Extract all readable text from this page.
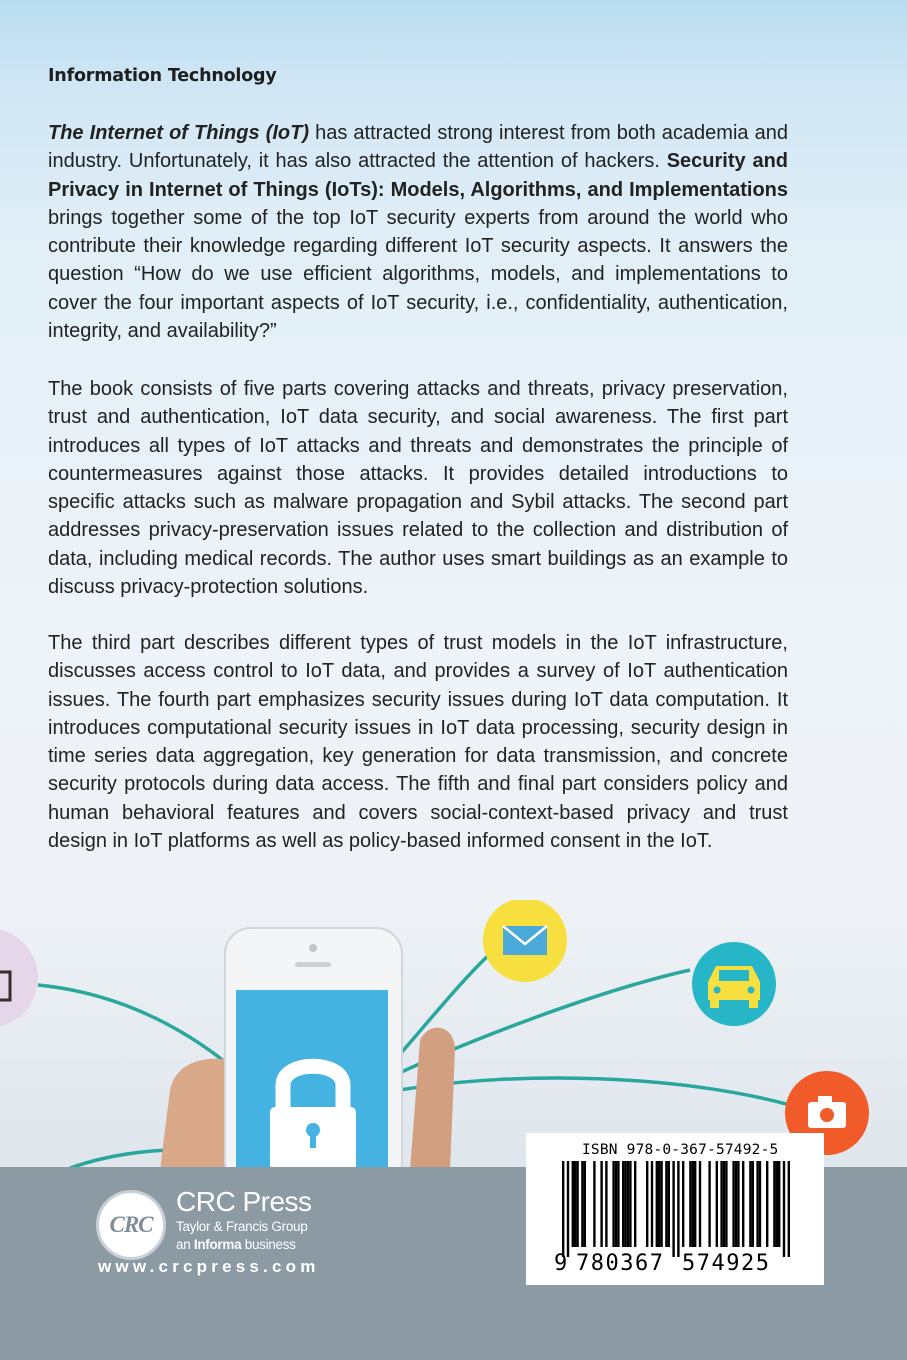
Information Technology

The Internet of Things (IoT) has attracted strong interest from both academia and industry. Unfortunately, it has also attracted the attention of hackers. Security and Privacy in Internet of Things (IoTs): Models, Algorithms, and Implementations brings together some of the top IoT security experts from around the world who contribute their knowledge regarding different IoT security aspects. It answers the question “How do we use efficient algorithms, models, and implementations to cover the four important aspects of IoT security, i.e., confidentiality, authentication, integrity, and availability?”

The book consists of five parts covering attacks and threats, privacy preservation, trust and authentication, IoT data security, and social awareness. The first part introduces all types of IoT attacks and threats and demonstrates the principle of countermeasures against those attacks. It provides detailed introductions to specific attacks such as malware propagation and Sybil attacks. The second part addresses privacy-preservation issues related to the collection and distribution of data, including medical records. The author uses smart buildings as an example to discuss privacy-protection solutions.

The third part describes different types of trust models in the IoT infrastructure, discusses access control to IoT data, and provides a survey of IoT authentication issues. The fourth part emphasizes security issues during IoT data computation. It introduces computational security issues in IoT data processing, security design in time series data aggregation, key generation for data transmission, and concrete security protocols during data access. The fifth and final part considers policy and human behavioral features and covers social-context-based privacy and trust design in IoT platforms as well as policy-based informed consent in the IoT.

CRC
CRC Press
Taylor & Francis Group
an Informa business
www.crcpress.com
ISBN 978-0-367-57492-5
9 780367 574925
